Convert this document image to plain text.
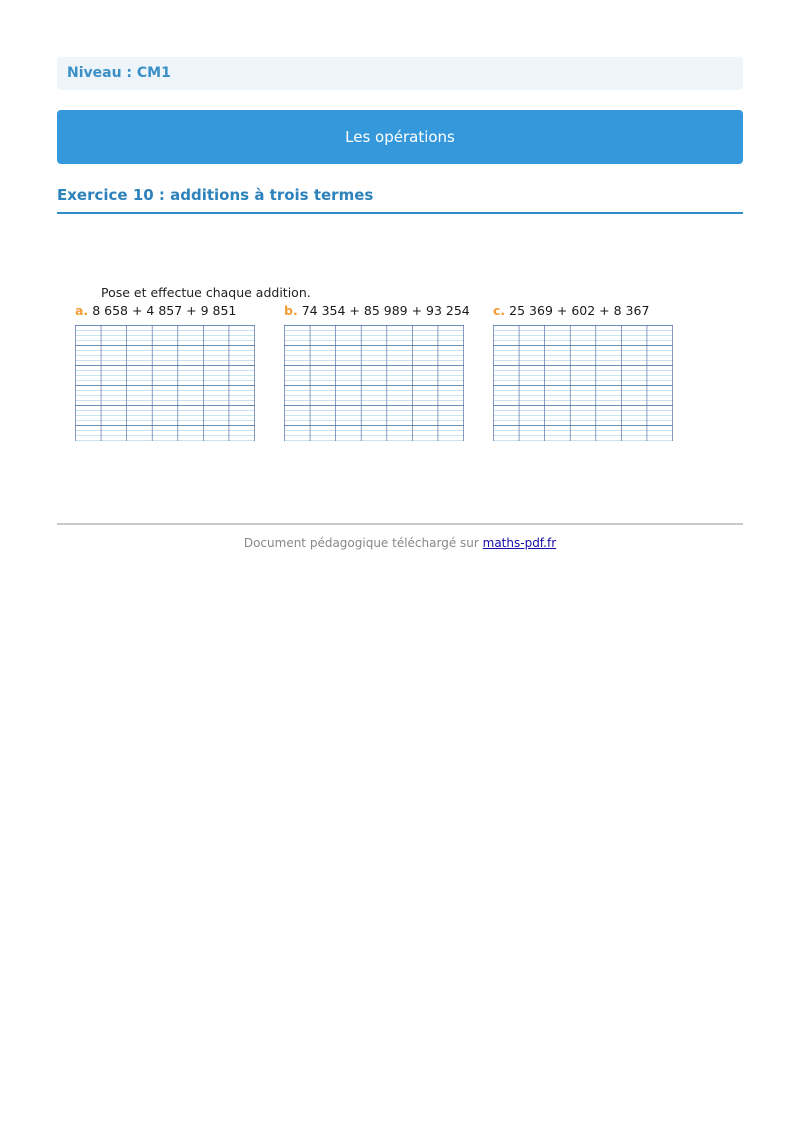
Niveau : CM1
Les opérations
Exercice 10 : additions à trois termes
Pose et effectue chaque addition.
a. 8 658 + 4 857 + 9 851	b. 74 354 + 85 989 + 93 254 c. 25 369 + 602 + 8 367
Document pédagogique téléchargé sur maths-pdf.fr
